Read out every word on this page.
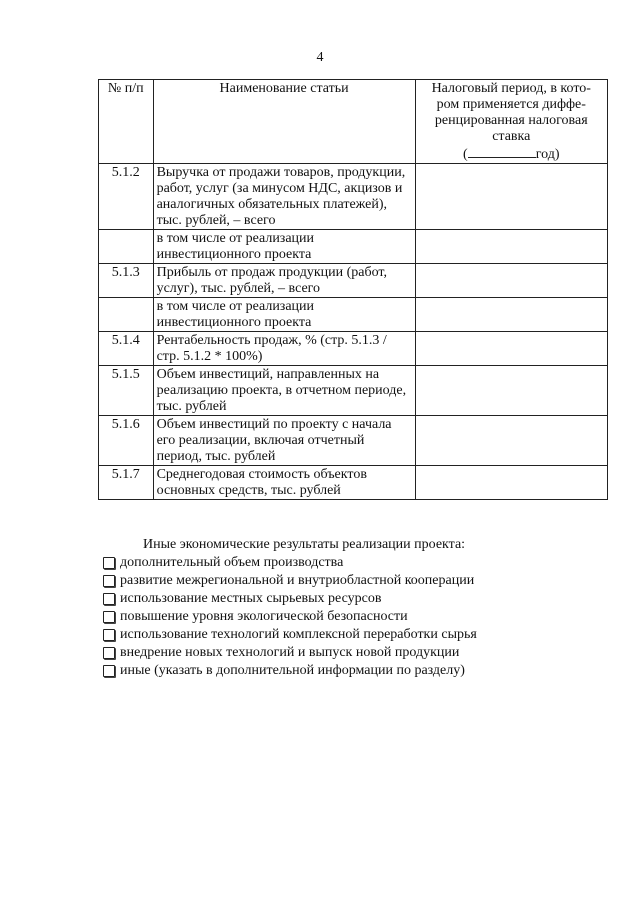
4
№ п/п	Наименование статьи	Налоговый период, в кото-
ром применяется диффе-
ренцированная налоговая
ставка
( год)

5.1.2	Выручка от продажи товаров, продукции, работ, услуг (за минусом НДС, акцизов и аналогичных обязательных платежей), тыс. рублей, – всего	
	в том числе от реализации инвестиционного проекта	
5.1.3	Прибыль от продаж продукции (работ, услуг), тыс. рублей, – всего	
	в том числе от реализации инвестиционного проекта	
5.1.4	Рентабельность продаж, % (стр. 5.1.3 / стр. 5.1.2 * 100%)	
5.1.5	Объем инвестиций, направленных на реализацию проекта, в отчетном периоде, тыс. рублей	
5.1.6	Объем инвестиций по проекту с начала его реализации, включая отчетный период, тыс. рублей	
5.1.7	Среднегодовая стоимость объектов основных средств, тыс. рублей	
Иные экономические результаты реализации проекта:
дополнительный объем производства
развитие межрегиональной и внутриобластной кооперации
использование местных сырьевых ресурсов
повышение уровня экологической безопасности
использование технологий комплексной переработки сырья
внедрение новых технологий и выпуск новой продукции
иные (указать в дополнительной информации по разделу)
